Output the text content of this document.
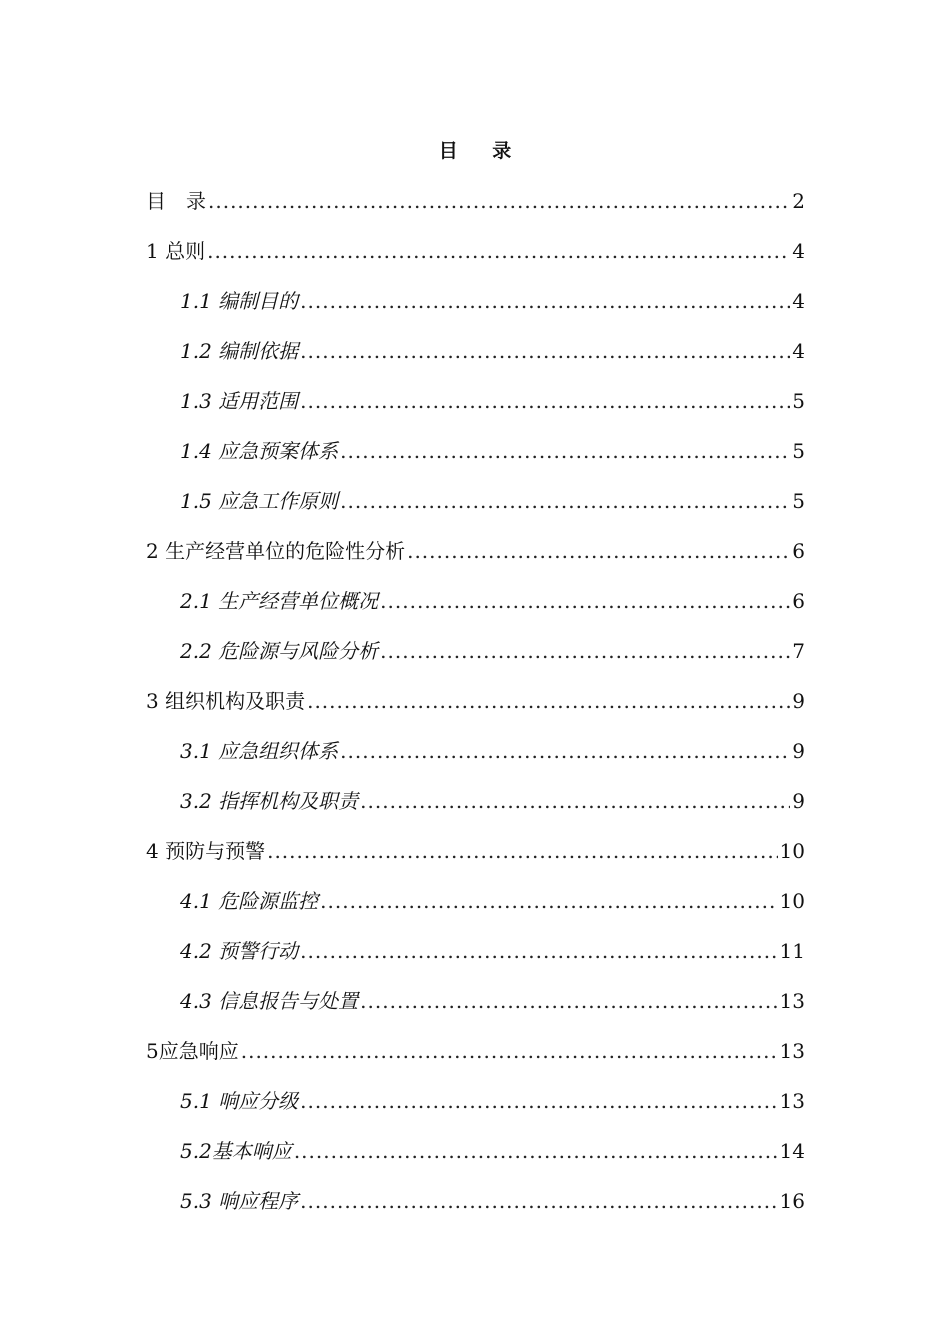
目 录
目　录 .....	2
1 总则 .....	4
1.1 编制目的 .....	4
1.2 编制依据 .....	4
1.3 适用范围 .....	5
1.4 应急预案体系 .....	5
1.5 应急工作原则 .....	5
2 生产经营单位的危险性分析 .....	6
2.1 生产经营单位概况 .....	6
2.2 危险源与风险分析 .....	7
3 组织机构及职责 .....	9
3.1 应急组织体系 .....	9
3.2 指挥机构及职责 .....	9
4 预防与预警 .....	10
4.1 危险源监控 .....	10
4.2 预警行动 .....	11
4.3 信息报告与处置 .....	13
5应急响应 .....	13
5.1 响应分级 .....	13
5.2基本响应 .....	14
5.3 响应程序 .....	16
